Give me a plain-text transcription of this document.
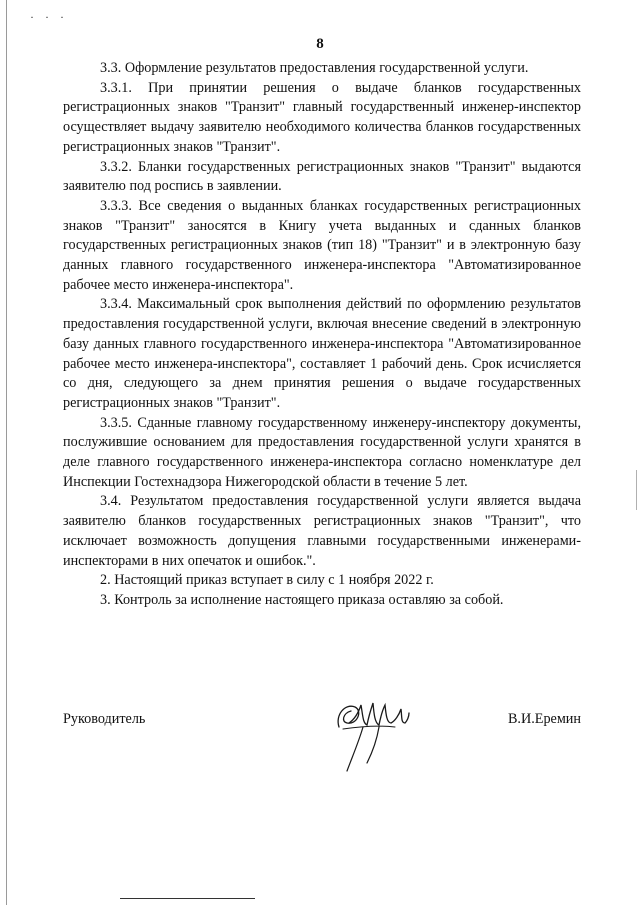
· · ·
8

3.3. Оформление результатов предоставления государственной услуги.

3.3.1. При принятии решения о выдаче бланков государственных регистрационных знаков "Транзит" главный государственный инженер-инспектор осуществляет выдачу заявителю необходимого количества бланков государственных регистрационных знаков "Транзит".

3.3.2. Бланки государственных регистрационных знаков "Транзит" выдаются заявителю под роспись в заявлении.

3.3.3. Все сведения о выданных бланках государственных регистрационных знаков "Транзит" заносятся в Книгу учета выданных и сданных бланков государственных регистрационных знаков (тип 18) "Транзит" и в электронную базу данных главного государственного инженера-инспектора "Автоматизированное рабочее место инженера-инспектора".

3.3.4. Максимальный срок выполнения действий по оформлению результатов предоставления государственной услуги, включая внесение сведений в электронную базу данных главного государственного инженера-инспектора "Автоматизированное рабочее место инженера-инспектора", составляет 1 рабочий день. Срок исчисляется со дня, следующего за днем принятия решения о выдаче государственных регистрационных знаков "Транзит".

3.3.5. Сданные главному государственному инженеру-инспектору документы, послужившие основанием для предоставления государственной услуги хранятся в деле главного государственного инженера-инспектора согласно номенклатуре дел Инспекции Гостехнадзора Нижегородской области в течение 5 лет.

3.4. Результатом предоставления государственной услуги является выдача заявителю бланков государственных регистрационных знаков "Транзит", что исключает возможность допущения главными государственными инженерами-инспекторами в них опечаток и ошибок.".

2. Настоящий приказ вступает в силу с 1 ноября 2022 г.

3. Контроль за исполнение настоящего приказа оставляю за собой.

Руководитель	В.И.Еремин
